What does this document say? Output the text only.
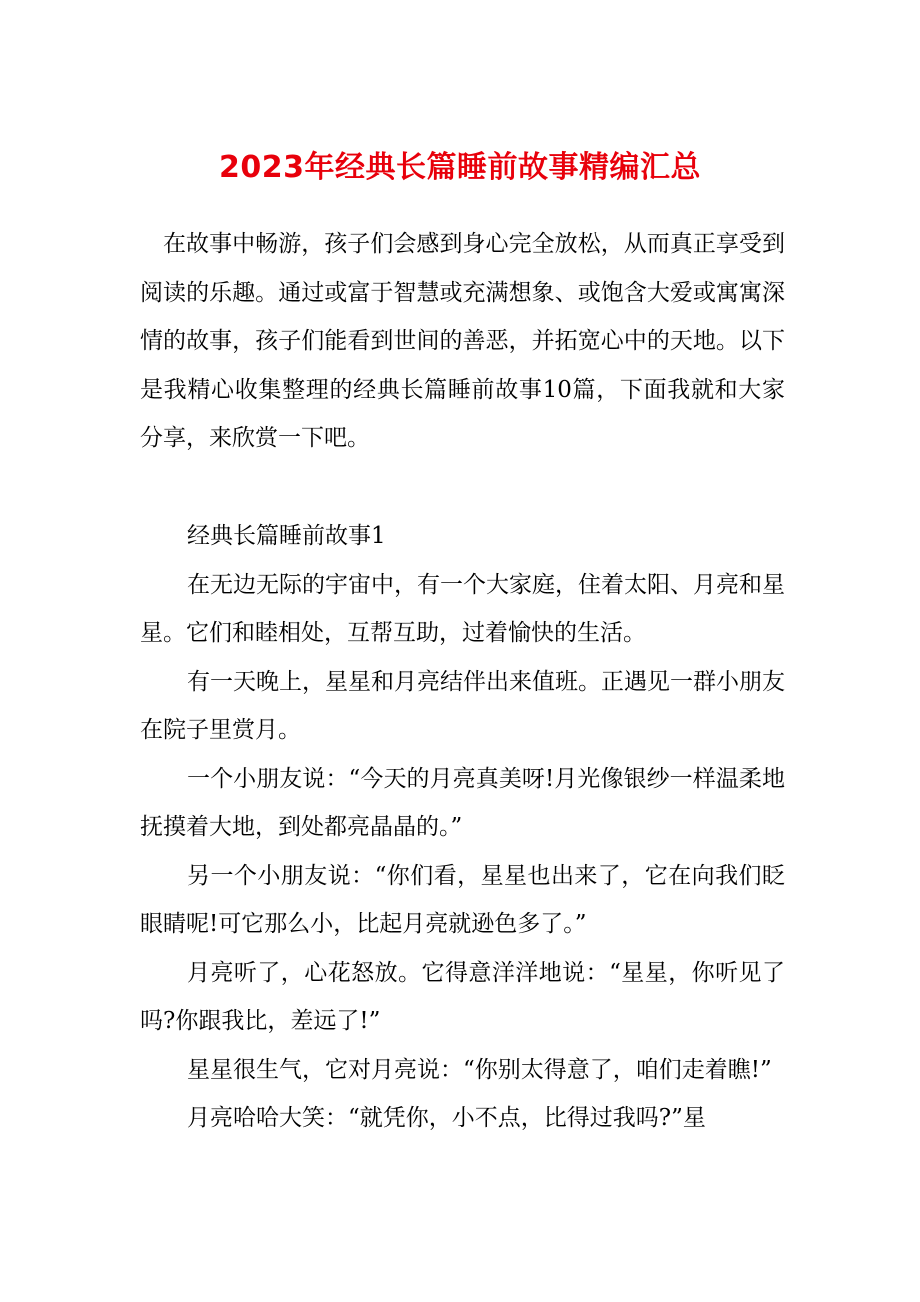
2023年经典长篇睡前故事精编汇总

在故事中畅游，孩子们会感到身心完全放松，从而真正享受到阅读的乐趣。通过或富于智慧或充满想象、或饱含大爱或寓寓深情的故事，孩子们能看到世间的善恶，并拓宽心中的天地。以下是我精心收集整理的经典长篇睡前故事10篇，下面我就和大家分享，来欣赏一下吧。

经典长篇睡前故事1

在无边无际的宇宙中，有一个大家庭，住着太阳、月亮和星星。它们和睦相处，互帮互助，过着愉快的生活。

有一天晚上，星星和月亮结伴出来值班。正遇见一群小朋友在院子里赏月。

一个小朋友说：“今天的月亮真美呀!月光像银纱一样温柔地抚摸着大地，到处都亮晶晶的。”

另一个小朋友说：“你们看，星星也出来了，它在向我们眨眼睛呢!可它那么小，比起月亮就逊色多了。”

月亮听了，心花怒放。它得意洋洋地说：“星星，你听见了吗?你跟我比，差远了!”

星星很生气，它对月亮说：“你别太得意了，咱们走着瞧!”

月亮哈哈大笑：“就凭你，小不点，比得过我吗?”星
